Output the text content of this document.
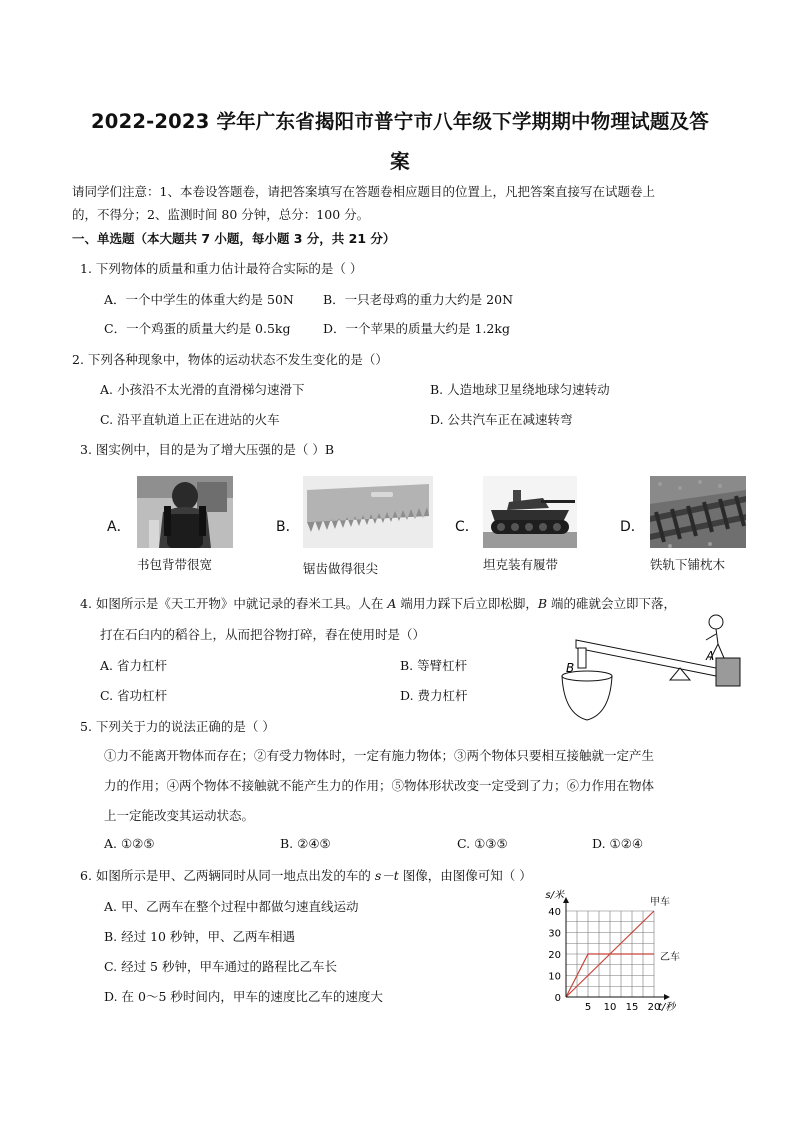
2022-2023 学年广东省揭阳市普宁市八年级下学期期中物理试题及答
案
请同学们注意：1、本卷设答题卷，请把答案填写在答题卷相应题目的位置上，凡把答案直接写在试题卷上
的，不得分；2、监测时间 80 分钟，总分：100 分。
一、单选题（本大题共 7 小题，每小题 3 分，共 21 分）
1. 下列物体的质量和重力估计最符合实际的是（ ）
A．一个中学生的体重大约是 50N B．一只老母鸡的重力大约是 20N
C．一个鸡蛋的质量大约是 0.5kg	D．一个苹果的质量大约是 1.2kg
2. 下列各种现象中，物体的运动状态不发生变化的是（）
A. 小孩沿不太光滑的直滑梯匀速滑下	B. 人造地球卫星绕地球匀速转动
C. 沿平直轨道上正在进站的火车	D. 公共汽车正在减速转弯
3. 图实例中，目的是为了增大压强的是（ ）B
A．
书包背带很宽
B．
锯齿做得很尖
C．
坦克装有履带
D．
铁轨下铺枕木
4. 如图所示是《天工开物》中就记录的舂米工具。人在 A 端用力踩下后立即松脚，B 端的碓就会立即下落，
打在石臼内的稻谷上，从而把谷物打碎，舂在使用时是（）
A. 省力杠杆	B. 等臂杠杆
C. 省功杠杆	D. 费力杠杆
A
B
5. 下列关于力的说法正确的是（ ）
①力不能离开物体而存在；②有受力物体时，一定有施力物体；③两个物体只要相互接触就一定产生
力的作用；④两个物体不接触就不能产生力的作用；⑤物体形状改变一定受到了力；⑥力作用在物体
上一定能改变其运动状态。
A. ①②⑤	B. ②④⑤	C. ①③⑤	D. ①②④
6. 如图所示是甲、乙两辆同时从同一地点出发的车的 s－t 图像，由图像可知（ ）
A. 甲、乙两车在整个过程中都做匀速直线运动
B. 经过 10 秒钟，甲、乙两车相遇
C. 经过 5 秒钟，甲车通过的路程比乙车长
D. 在 0～5 秒时间内，甲车的速度比乙车的速度大
5 10 15 20
0
10
20
30
40
s/米
t/秒
甲车
乙车
